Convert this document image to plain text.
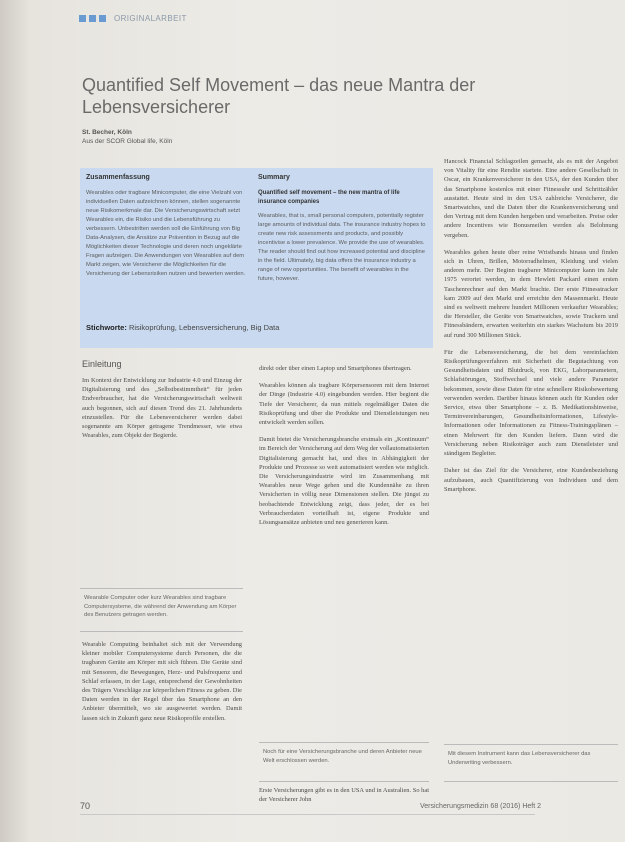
ORIGINALARBEIT
Quantified Self Movement – das neue Mantra der Lebensversicherer
St. Becher, Köln
Aus der SCOR Global life, Köln
Zusammenfassung
Wearables oder tragbare Minicomputer, die eine Vielzahl von individuellen Daten aufzeichnen können, stellen sogenannte neue Risikomerkmale dar. Die Versicherungswirtschaft setzt Wearables ein, die Risiko und die Lebensführung zu verbessern. Unbestritten werden soll die Einführung von Big Data-Analysen, die Ansätze zur Prävention in Bezug auf die Möglichkeiten dieser Technologie und deren noch ungeklärte Fragen aufzeigen. Die Anwendungen von Wearables auf dem Markt zeigen, wie Versicherer die Möglichkeiten für die Versicherung der Lebensrisiken nutzen und bewerten werden.
Summary
Quantified self movement – the new mantra of life insurance companies
Wearables, that is, small personal computers, potentially register large amounts of individual data. The insurance industry hopes to create new risk assessments and products, and possibly incentivise a lower prevalence. We provide the use of wearables. The reader should find out how increased potential and discipline in the field. Ultimately, big data offers the insurance industry a range of new opportunities. The benefit of wearables in the future, however.
Stichworte: Risikoprüfung, Lebensversicherung, Big Data
Einleitung

Im Kontext der Entwicklung zur Industrie 4.0 und Einzug der Digitalisierung und des „Selbstbestimmtheit“ für jeden Endverbraucher, hat die Versicherungswirtschaft weltweit auch begonnen, sich auf diesen Trend des 21. Jahrhunderts einzustellen. Für die Lebensversicherer werden dabei sogenannte am Körper getragene Trendmesser, wie etwa Wearables, zum Objekt der Begierde.

Wearable Computer oder kurz Wearables sind tragbare Computersysteme, die während der Anwendung am Körper des Benutzers getragen werden.

Wearable Computing beinhaltet sich mit der Verwendung kleiner mobiler Computersysteme durch Personen, die die tragbaren Geräte am Körper mit sich führen. Die Geräte sind mit Sensoren, die Bewegungen, Herz- und Pulsfrequenz und Schlaf erfassen, in der Lage, entsprechend der Gewohnheiten des Trägers Vorschläge zur körperlichen Fitness zu geben. Die Daten werden in der Regel über das Smartphone an den Anbieter übermittelt, wo sie ausgewertet werden. Damit lassen sich in Zukunft ganz neue Risikoprofile erstellen.

direkt oder über einen Laptop und Smartphones übertragen.

Wearables können als tragbare Körpersensoren mit dem Internet der Dinge (Industrie 4.0) eingebunden werden. Hier beginnt die Tiefe der Versicherer, da nun mittels regelmäßiger Daten die Risikoprüfung und über die Produkte und Dienstleistungen neu entwickelt werden sollen.

Damit bietet die Versicherungsbranche erstmals ein „Kontinuum“ im Bereich der Versicherung auf dem Weg der vollautomatisierten Digitalisierung gemacht hat, und dies in Abhängigkeit der Produkte und Prozesse so weit automatisiert werden wie möglich. Die Versicherungsindustrie wird im Zusammenhang mit Wearables neue Wege gehen und die Kundennähe zu ihren Versicherten in völlig neue Dimensionen stellen. Die jüngst zu beobachtende Entwicklung zeigt, dass jeder, der es bei Verbraucherdaten vorteilhaft ist, eigene Produkte und Lösungsansätze anbieten und neu generieren kann.

Noch für eine Versicherungsbranche und deren Anbieter neue Welt erschlossen werden.

Erste Versicherungen gibt es in den USA und in Australien. So hat der Versicherer John

Hancock Financial Schlagzeilen gemacht, als es mit der Angebot von Vitality für eine Rendite startete. Eine andere Gesellschaft in Oscar, ein Krankenversicherer in den USA, der den Kunden über das Smartphone kostenlos mit einer Fitnessuhr und Schrittzähler ausstattet. Heute sind in den USA zahlreiche Versicherer, die Smartwatches, und die Daten über die Krankenversicherung und den Vertrag mit dem Kunden hergeben und verarbeiten. Preise oder andere Incentives wie Bonusmeilen werden als Belohnung vergeben.

Wearables gehen heute über reine Wristbands hinaus und finden sich in Uhren, Brillen, Motorradhelmen, Kleidung und vielen anderen mehr. Der Beginn tragbarer Minicomputer kann im Jahr 1975 verortet werden, in dem Hewlett Packard einen ersten Taschenrechner auf den Markt brachte. Der erste Fitnesstracker kam 2009 auf den Markt und erreichte den Massenmarkt. Heute sind es weltweit mehrere hundert Millionen verkaufter Wearables; die Hersteller, die Geräte von Smartwatches, sowie Trackern und Fitnessbändern, erwarten weiterhin ein starkes Wachstum bis 2019 auf rund 300 Millionen Stück.

Für die Lebensversicherung, die bei dem vereinfachten Risikoprüfungsverfahren mit Sicherheit die Begutachtung von Gesundheitsdaten und Blutdruck, von EKG, Laborparametern, Schlafstörungen, Stoffwechsel und viele andere Parameter bekommen, sowie diese Daten für eine schnellere Risikobewertung verwenden werden. Darüber hinaus können auch für Kunden oder Service, etwa über Smartphone – z. B. Medikationshinweise, Terminvereinbarungen, Gesundheitsinformationen, Lifestyle-Informationen oder Informationen zu Fitness-Trainingsplänen – einen Mehrwert für den Kunden liefern. Dann wird die Versicherung neben Risikoträger auch zum Dienstleister und ständigem Begleiter.

Daher ist das Ziel für die Versicherer, eine Kundenbeziehung aufzubauen, auch Quantifizierung von Individuen und dem Smartphone.

Mit diesem Instrument kann das Lebensversicherer das Underwriting verbessern.
70	Versicherungsmedizin 68 (2016) Heft 2
